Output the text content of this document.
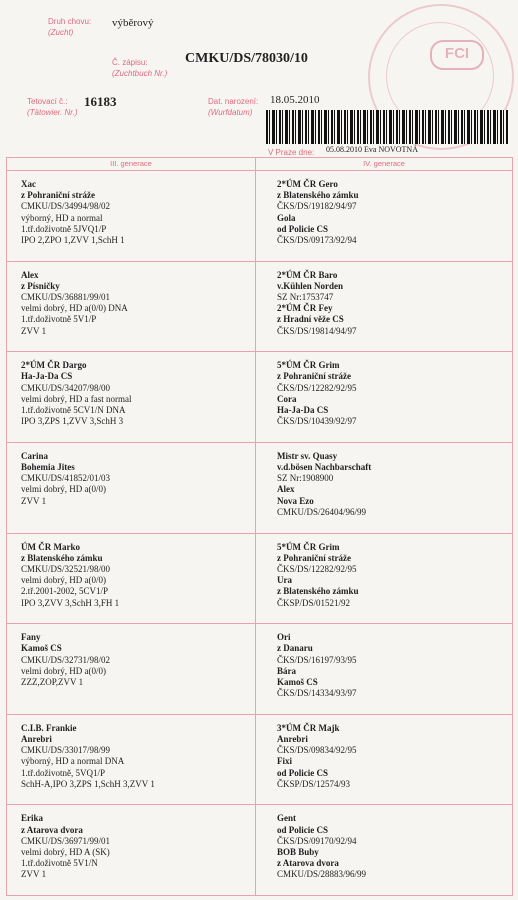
Druh chovu:
(Zucht)
výběrový
Č. zápisu:
(Zuchtbuch Nr.)
CMKU/DS/78030/10
Tetovací č.:
(Tätowier. Nr.)
16183	Dat. narození:
(Wurfdatum)
18.05.2010
FCI
V Praze dne: 05.08.2010 Eva NOVOTNÁ
III. generace	IV. generace
Xac
z Pohraniční stráže
CMKU/DS/34994/98/02
výborný, HD a normal
1.tř.doživotně 5JVQ1/P
IPO 2,ZPO 1,ZVV 1,SchH 1
2*ÚM ČR Gero
z Blatenského zámku
ČKS/DS/19182/94/97
Gola
od Policie CS
ČKS/DS/09173/92/94
Alex
z Písničky
CMKU/DS/36881/99/01
velmi dobrý, HD a(0/0) DNA
1.tř.doživotně 5V1/P
ZVV 1
2*ÚM ČR Baro
v.Kühlen Norden
SZ Nr:1753747
2*ÚM ČR Fey
z Hradní věže CS
ČKS/DS/19814/94/97
2*ÚM ČR Dargo
Ha-Ja-Da CS
CMKU/DS/34207/98/00
velmi dobrý, HD a fast normal
1.tř.doživotně 5CV1/N DNA
IPO 3,ZPS 1,ZVV 3,SchH 3
5*ÚM ČR Grim
z Pohraniční stráže
ČKS/DS/12282/92/95
Cora
Ha-Ja-Da CS
ČKS/DS/10439/92/97
Carina
Bohemia Jites
CMKU/DS/41852/01/03
velmi dobrý, HD a(0/0)
ZVV 1
Mistr sv. Quasy
v.d.bösen Nachbarschaft
SZ Nr:1908900
Alex
Nova Ezo
CMKU/DS/26404/96/99
ÚM ČR Marko
z Blatenského zámku
CMKU/DS/32521/98/00
velmi dobrý, HD a(0/0)
2.tř.2001-2002, 5CV1/P
IPO 3,ZVV 3,SchH 3,FH 1
5*ÚM ČR Grim
z Pohraniční stráže
ČKS/DS/12282/92/95
Ura
z Blatenského zámku
ČKSP/DS/01521/92
Fany
Kamoš CS
CMKU/DS/32731/98/02
velmi dobrý, HD a(0/0)
ZZZ,ZOP,ZVV 1
Ori
z Danaru
ČKS/DS/16197/93/95
Bára
Kamoš CS
ČKS/DS/14334/93/97
C.I.B. Frankie
Anrebri
CMKU/DS/33017/98/99
výborný, HD a normal DNA
1.tř.doživotně, 5VQ1/P
SchH-A,IPO 3,ZPS 1,SchH 3,ZVV 1
3*ÚM ČR Majk
Anrebri
ČKS/DS/09834/92/95
Fixi
od Policie CS
ČKSP/DS/12574/93
Erika
z Atarova dvora
CMKU/DS/36971/99/01
velmi dobrý, HD A (SK)
1.tř.doživotně 5V1/N
ZVV 1
Gent
od Policie CS
ČKS/DS/09170/92/94
BOB Buby
z Atarova dvora
CMKU/DS/28883/96/99
